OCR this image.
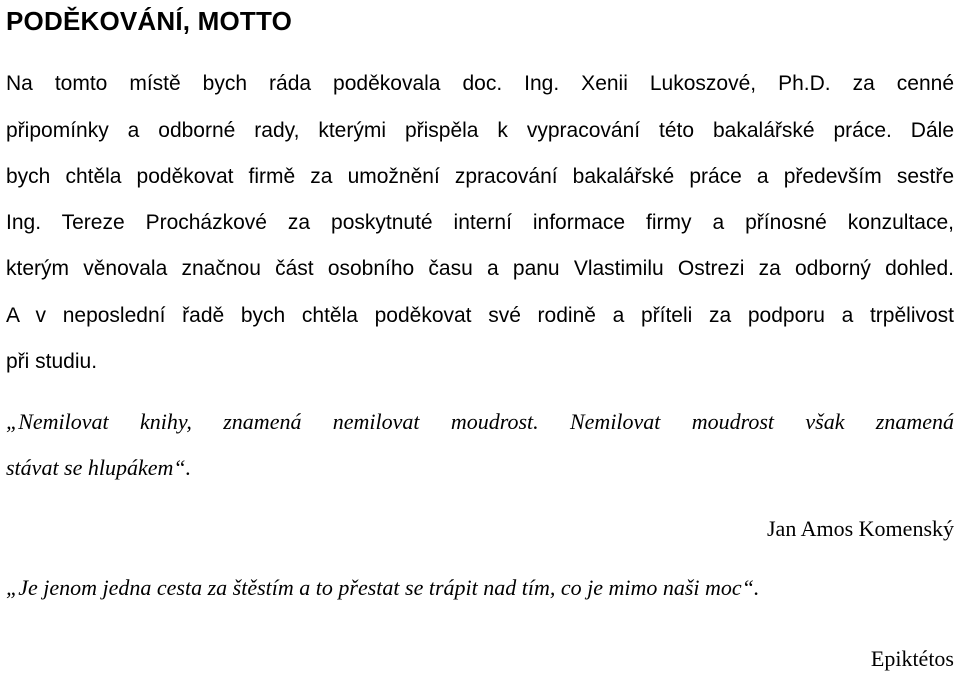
PODĚKOVÁNÍ, MOTTO

Na tomto místě bych ráda poděkovala doc. Ing. Xenii Lukoszové, Ph.D. za cenné

připomínky a odborné rady, kterými přispěla k vypracování této bakalářské práce. Dále

bych chtěla poděkovat firmě za umožnění zpracování bakalářské práce a především sestře

Ing. Tereze Procházkové za poskytnuté interní informace firmy a přínosné konzultace,

kterým věnovala značnou část osobního času a panu Vlastimilu Ostrezi za odborný dohled.

A v neposlední řadě bych chtěla poděkovat své rodině a příteli za podporu a trpělivost

při studiu.

„Nemilovat knihy, znamená nemilovat moudrost. Nemilovat moudrost však znamená

stávat se hlupákem“.

Jan Amos Komenský

„Je jenom jedna cesta za štěstím a to přestat se trápit nad tím, co je mimo naši moc“.

Epiktétos
